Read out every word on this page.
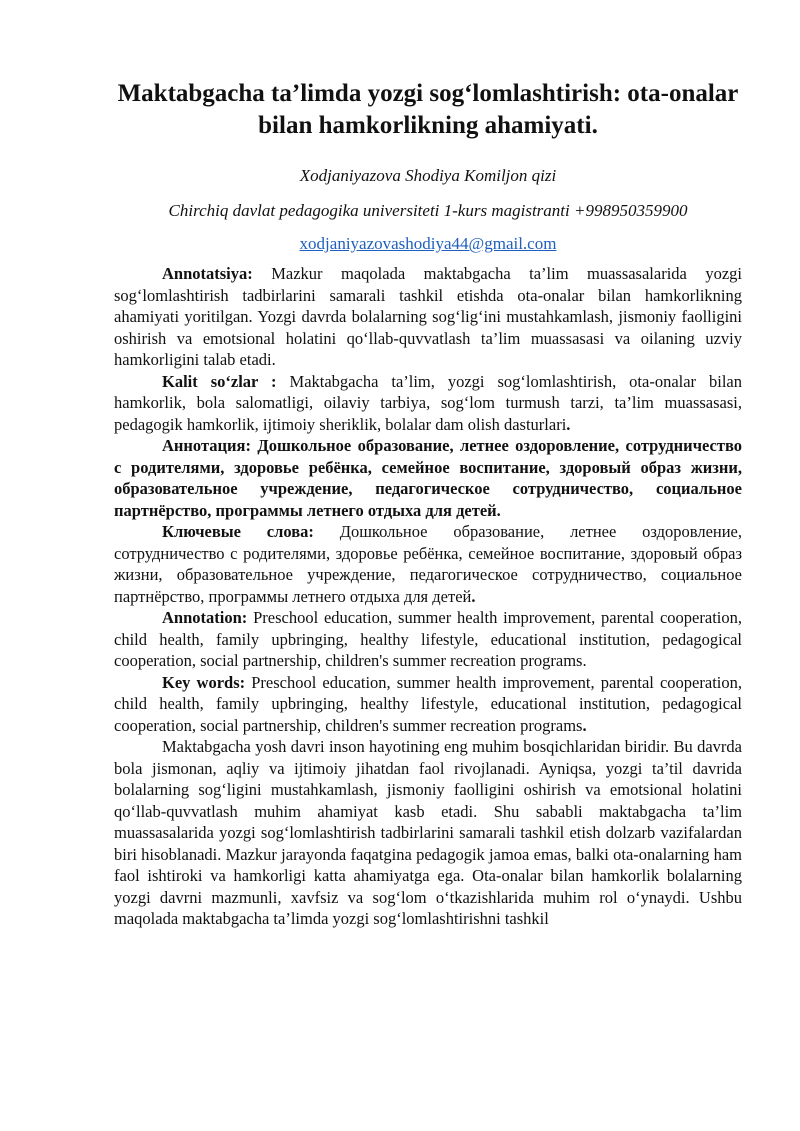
Maktabgacha ta’limda yozgi sog‘lomlashtirish: ota-onalar bilan hamkorlikning ahamiyati.

Xodjaniyazova Shodiya Komiljon qizi

Chirchiq davlat pedagogika universiteti 1-kurs magistranti +998950359900

xodjaniyazovashodiya44@gmail.com

Annotatsiya: Mazkur maqolada maktabgacha ta’lim muassasalarida yozgi sog‘lomlashtirish tadbirlarini samarali tashkil etishda ota-onalar bilan hamkorlikning ahamiyati yoritilgan. Yozgi davrda bolalarning sog‘lig‘ini mustahkamlash, jismoniy faolligini oshirish va emotsional holatini qo‘llab-quvvatlash ta’lim muassasasi va oilaning uzviy hamkorligini talab etadi.

Kalit so‘zlar : Maktabgacha ta’lim, yozgi sog‘lomlashtirish, ota-onalar bilan hamkorlik, bola salomatligi, oilaviy tarbiya, sog‘lom turmush tarzi, ta’lim muassasasi, pedagogik hamkorlik, ijtimoiy sheriklik, bolalar dam olish dasturlari.

Аннотация: Дошкольное образование, летнее оздоровление, сотрудничество с родителями, здоровье ребёнка, семейное воспитание, здоровый образ жизни, образовательное учреждение, педагогическое сотрудничество, социальное партнёрство, программы летнего отдыха для детей.

Ключевые слова: Дошкольное образование, летнее оздоровление, сотрудничество с родителями, здоровье ребёнка, семейное воспитание, здоровый образ жизни, образовательное учреждение, педагогическое сотрудничество, социальное партнёрство, программы летнего отдыха для детей.

Annotation: Preschool education, summer health improvement, parental cooperation, child health, family upbringing, healthy lifestyle, educational institution, pedagogical cooperation, social partnership, children's summer recreation programs.

Key words: Preschool education, summer health improvement, parental cooperation, child health, family upbringing, healthy lifestyle, educational institution, pedagogical cooperation, social partnership, children's summer recreation programs.

Maktabgacha yosh davri inson hayotining eng muhim bosqichlaridan biridir. Bu davrda bola jismonan, aqliy va ijtimoiy jihatdan faol rivojlanadi. Ayniqsa, yozgi ta’til davrida bolalarning sog‘ligini mustahkamlash, jismoniy faolligini oshirish va emotsional holatini qo‘llab-quvvatlash muhim ahamiyat kasb etadi. Shu sababli maktabgacha ta’lim muassasalarida yozgi sog‘lomlashtirish tadbirlarini samarali tashkil etish dolzarb vazifalardan biri hisoblanadi. Mazkur jarayonda faqatgina pedagogik jamoa emas, balki ota-onalarning ham faol ishtiroki va hamkorligi katta ahamiyatga ega. Ota-onalar bilan hamkorlik bolalarning yozgi davrni mazmunli, xavfsiz va sog‘lom o‘tkazishlarida muhim rol o‘ynaydi. Ushbu maqolada maktabgacha ta’limda yozgi sog‘lomlashtirishni tashkil
